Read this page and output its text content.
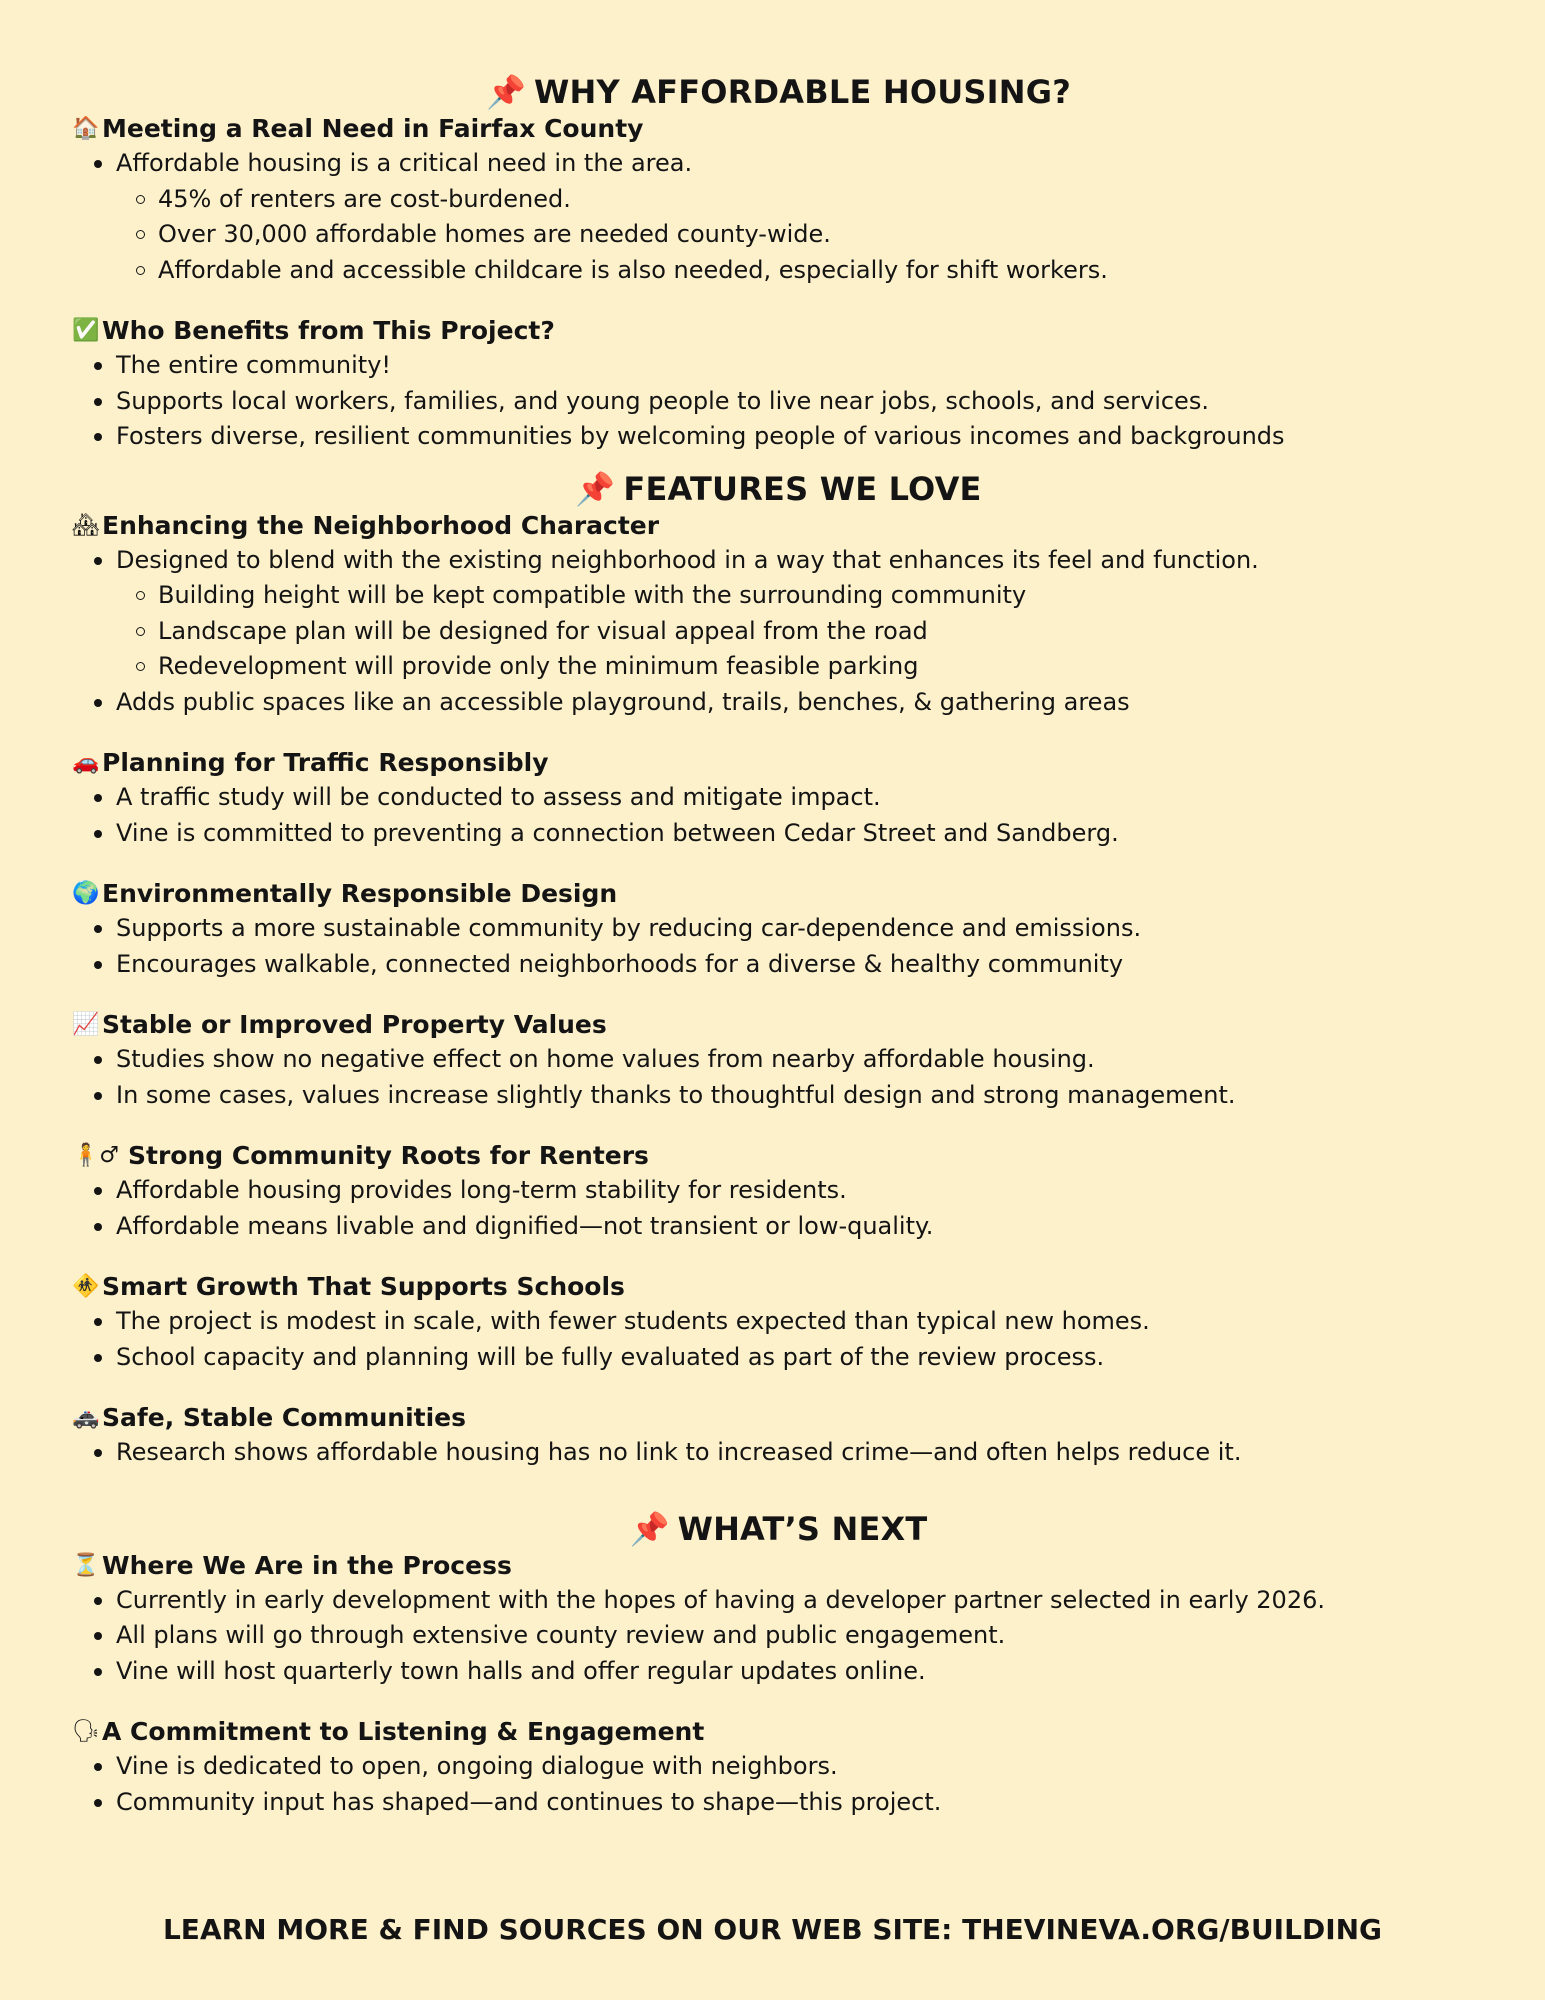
📌 WHY AFFORDABLE HOUSING?
🏠 Meeting a Real Need in Fairfax County
Affordable housing is a critical need in the area.
45% of renters are cost-burdened.
Over 30,000 affordable homes are needed county-wide.
Affordable and accessible childcare is also needed, especially for shift workers.
✅ Who Benefits from This Project?
The entire community!
Supports local workers, families, and young people to live near jobs, schools, and services.
Fosters diverse, resilient communities by welcoming people of various incomes and backgrounds
📌 FEATURES WE LOVE
🏘 Enhancing the Neighborhood Character
Designed to blend with the existing neighborhood in a way that enhances its feel and function.
Building height will be kept compatible with the surrounding community
Landscape plan will be designed for visual appeal from the road
Redevelopment will provide only the minimum feasible parking
Adds public spaces like an accessible playground, trails, benches, & gathering areas
🚗 Planning for Traffic Responsibly
A traffic study will be conducted to assess and mitigate impact.
Vine is committed to preventing a connection between Cedar Street and Sandberg.
🌍 Environmentally Responsible Design
Supports a more sustainable community by reducing car-dependence and emissions.
Encourages walkable, connected neighborhoods for a diverse & healthy community
📈 Stable or Improved Property Values
Studies show no negative effect on home values from nearby affordable housing.
In some cases, values increase slightly thanks to thoughtful design and strong management.
🧍♂ Strong Community Roots for Renters
Affordable housing provides long-term stability for residents.
Affordable means livable and dignified—not transient or low-quality.
🚸 Smart Growth That Supports Schools
The project is modest in scale, with fewer students expected than typical new homes.
School capacity and planning will be fully evaluated as part of the review process.
🚓 Safe, Stable Communities
Research shows affordable housing has no link to increased crime—and often helps reduce it.
📌 WHAT’S NEXT
⏳ Where We Are in the Process
Currently in early development with the hopes of having a developer partner selected in early 2026.
All plans will go through extensive county review and public engagement.
Vine will host quarterly town halls and offer regular updates online.
🗣 A Commitment to Listening & Engagement
Vine is dedicated to open, ongoing dialogue with neighbors.
Community input has shaped—and continues to shape—this project.

LEARN MORE & FIND SOURCES ON OUR WEB SITE: THEVINEVA.ORG/BUILDING
